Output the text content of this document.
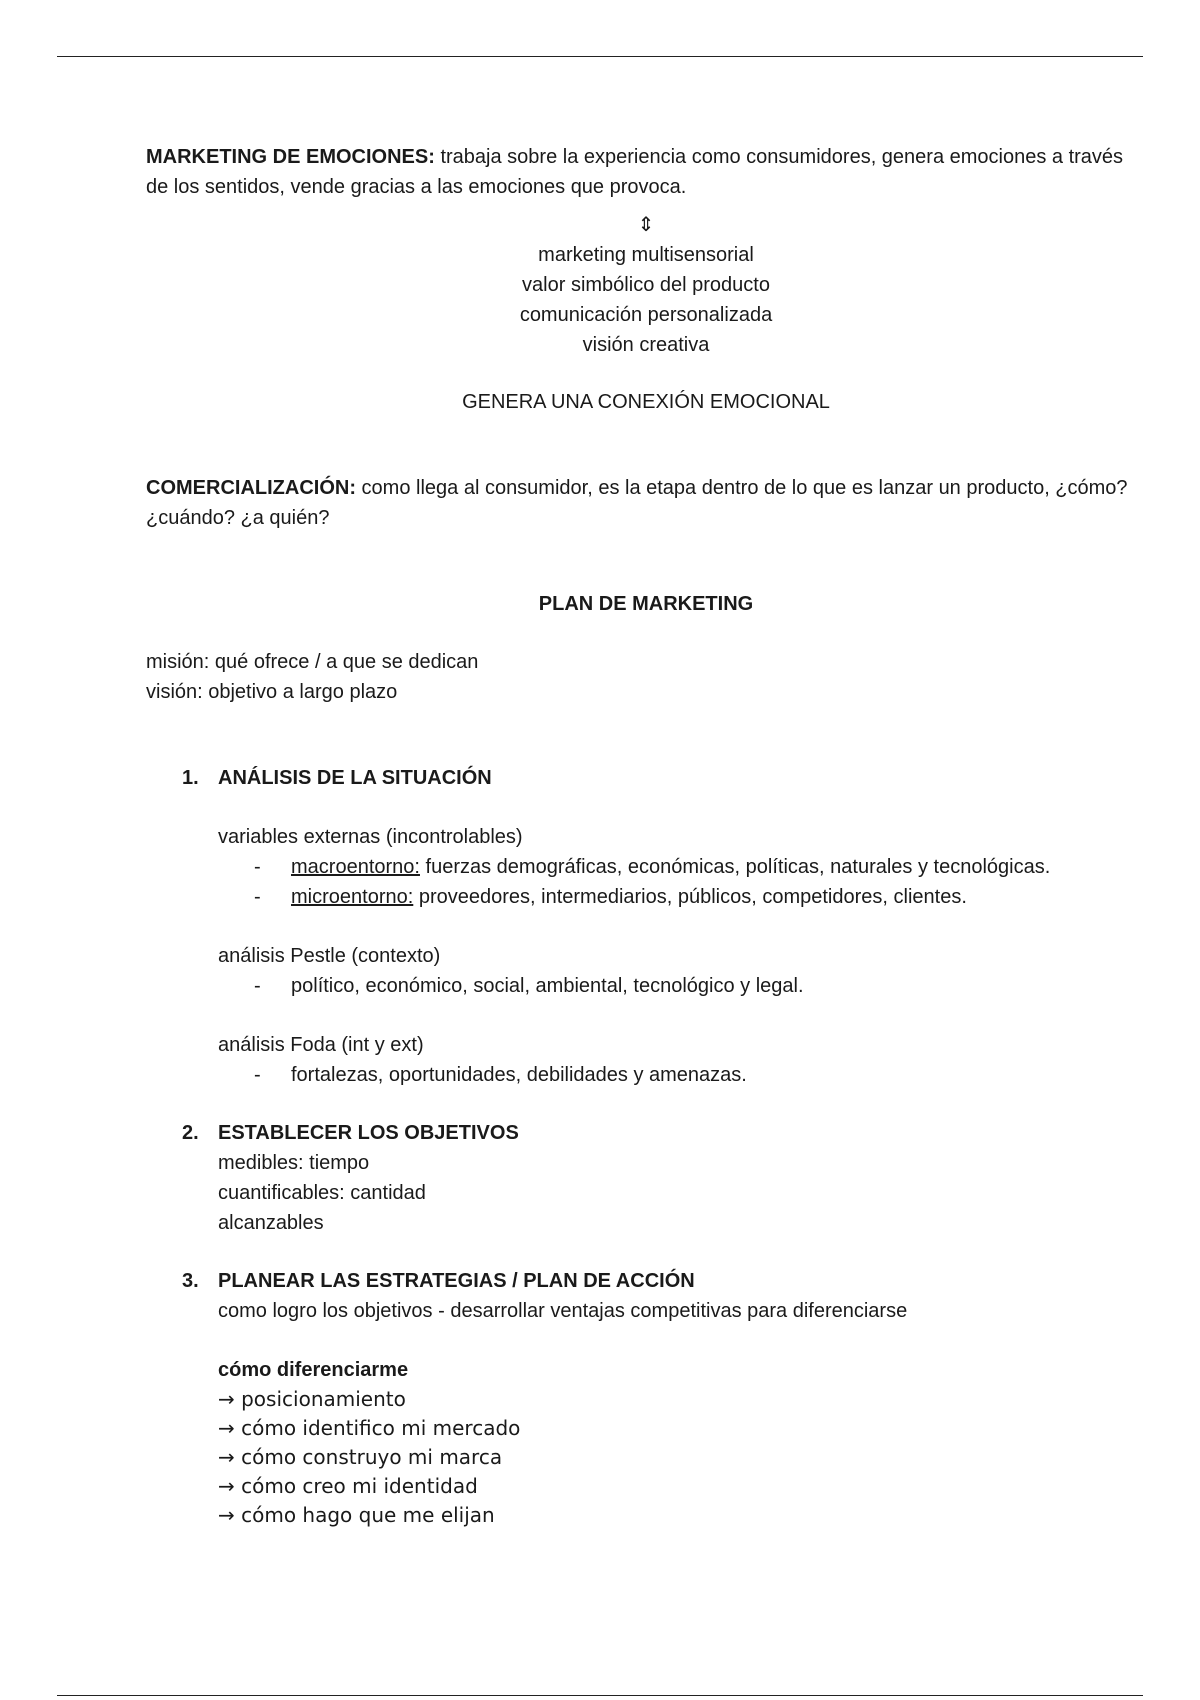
MARKETING DE EMOCIONES: trabaja sobre la experiencia como consumidores, genera emociones a través de los sentidos, vende gracias a las emociones que provoca.

⇕

marketing multisensorial

valor simbólico del producto

comunicación personalizada

visión creativa

GENERA UNA CONEXIÓN EMOCIONAL

COMERCIALIZACIÓN: como llega al consumidor, es la etapa dentro de lo que es lanzar un producto, ¿cómo? ¿cuándo? ¿a quién?

PLAN DE MARKETING

misión: qué ofrece / a que se dedican

visión: objetivo a largo plazo

1. ANÁLISIS DE LA SITUACIÓN

variables externas (incontrolables)

- macroentorno: fuerzas demográficas, económicas, políticas, naturales y tecnológicas.

- microentorno: proveedores, intermediarios, públicos, competidores, clientes.

análisis Pestle (contexto)

- político, económico, social, ambiental, tecnológico y legal.

análisis Foda (int y ext)

- fortalezas, oportunidades, debilidades y amenazas.

2. ESTABLECER LOS OBJETIVOS

medibles: tiempo

cuantificables: cantidad

alcanzables

3. PLANEAR LAS ESTRATEGIAS / PLAN DE ACCIÓN

como logro los objetivos - desarrollar ventajas competitivas para diferenciarse

cómo diferenciarme

→ posicionamiento

→ cómo identifico mi mercado

→ cómo construyo mi marca

→ cómo creo mi identidad

→ cómo hago que me elijan
